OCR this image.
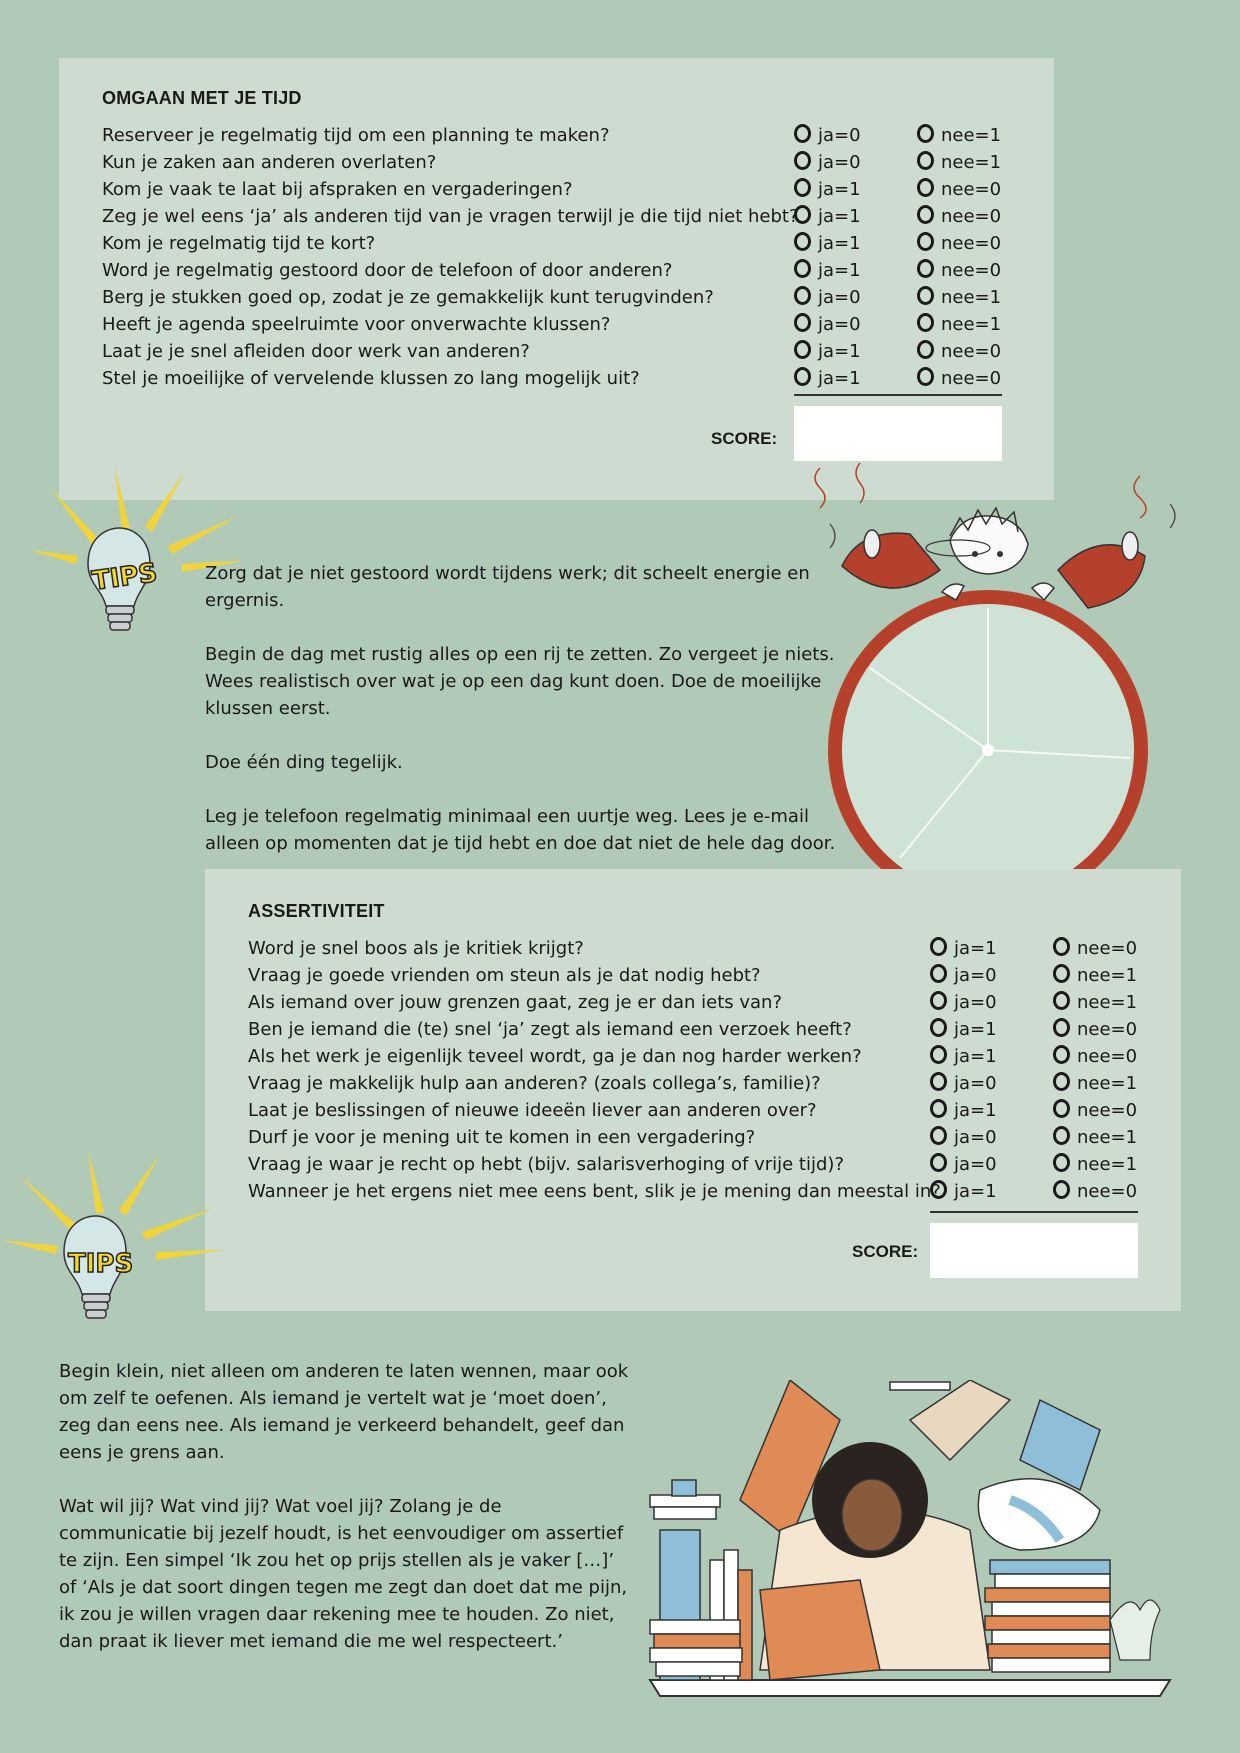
OMGAAN MET JE TIJD
Reserveer je regelmatig tijd om een planning te maken?	ja=0	nee=1
Kun je zaken aan anderen overlaten?	ja=0	nee=1
Kom je vaak te laat bij afspraken en vergaderingen?	ja=1	nee=0
Zeg je wel eens ‘ja’ als anderen tijd van je vragen terwijl je die tijd niet hebt?	ja=1	nee=0
Kom je regelmatig tijd te kort?	ja=1	nee=0
Word je regelmatig gestoord door de telefoon of door anderen?	ja=1	nee=0
Berg je stukken goed op, zodat je ze gemakkelijk kunt terugvinden?	ja=0	nee=1
Heeft je agenda speelruimte voor onverwachte klussen?	ja=0	nee=1
Laat je je snel afleiden door werk van anderen?	ja=1	nee=0
Stel je moeilijke of vervelende klussen zo lang mogelijk uit?	ja=1	nee=0
SCORE:
TIPS	Zorg dat je niet gestoord wordt tijdens werk; dit scheelt energie en ergernis.

Begin de dag met rustig alles op een rij te zetten. Zo vergeet je niets. Wees realistisch over wat je op een dag kunt doen. Doe de moeilijke klussen eerst.

Doe één ding tegelijk.

Leg je telefoon regelmatig minimaal een uurtje weg. Lees je e-mail alleen op momenten dat je tijd hebt en doe dat niet de hele dag door.

ASSERTIVITEIT
Word je snel boos als je kritiek krijgt?	ja=1	nee=0
Vraag je goede vrienden om steun als je dat nodig hebt?	ja=0	nee=1
Als iemand over jouw grenzen gaat, zeg je er dan iets van?	ja=0	nee=1
Ben je iemand die (te) snel ‘ja’ zegt als iemand een verzoek heeft?	ja=1	nee=0
Als het werk je eigenlijk teveel wordt, ga je dan nog harder werken?	ja=1	nee=0
Vraag je makkelijk hulp aan anderen? (zoals collega’s, familie)?	ja=0	nee=1
Laat je beslissingen of nieuwe ideeën liever aan anderen over?	ja=1	nee=0
Durf je voor je mening uit te komen in een vergadering?	ja=0	nee=1
Vraag je waar je recht op hebt (bijv. salarisverhoging of vrije tijd)?	ja=0	nee=1
Wanneer je het ergens niet mee eens bent, slik je je mening dan meestal in? ja=1	nee=0
SCORE:
TIPS

Begin klein, niet alleen om anderen te laten wennen, maar ook om zelf te oefenen. Als iemand je vertelt wat je ‘moet doen’, zeg dan eens nee. Als iemand je verkeerd behandelt, geef dan eens je grens aan.

Wat wil jij? Wat vind jij? Wat voel jij? Zolang je de communicatie bij jezelf houdt, is het eenvoudiger om assertief te zijn. Een simpel ‘Ik zou het op prijs stellen als je vaker […]’ of ‘Als je dat soort dingen tegen me zegt dan doet dat me pijn, ik zou je willen vragen daar rekening mee te houden. Zo niet, dan praat ik liever met iemand die me wel respecteert.’
